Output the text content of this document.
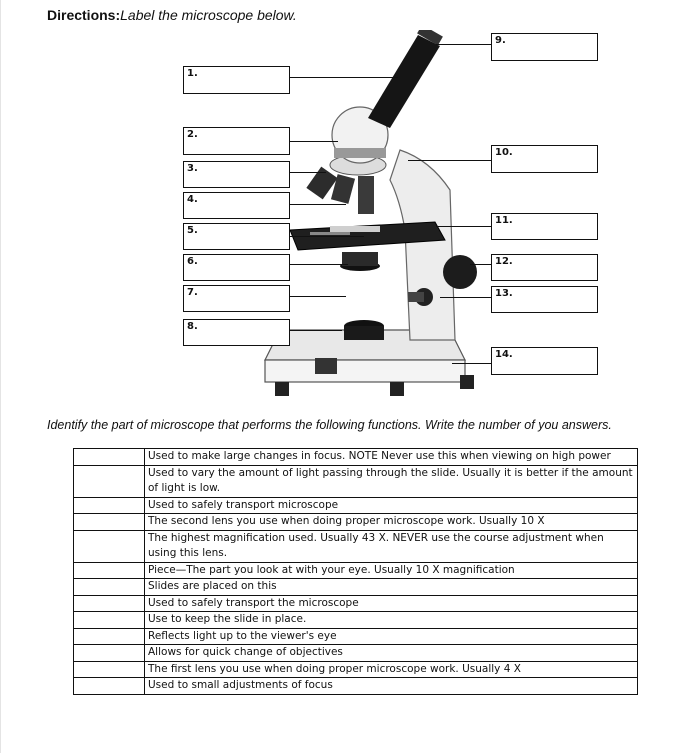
Directions:Label the microscope below.
1.
2.
3.
4.
5.
6.
7.
8.
9.
10.
11.
12.
13.
14.
Identify the part of microscope that performs the following functions. Write the number of you answers.
	Used to make large changes in focus. NOTE Never use this when viewing on high power
	Used to vary the amount of light passing through the slide. Usually it is better if the amount of light is low.
	Used to safely transport microscope
	The second lens you use when doing proper microscope work. Usually 10 X
	The highest magnification used. Usually 43 X. NEVER use the course adjustment when using this lens.
	Piece—The part you look at with your eye. Usually 10 X magnification
	Slides are placed on this
	Used to safely transport the microscope
	Use to keep the slide in place.
	Reflects light up to the viewer's eye
	Allows for quick change of objectives
	The first lens you use when doing proper microscope work. Usually 4 X
	Used to small adjustments of focus
